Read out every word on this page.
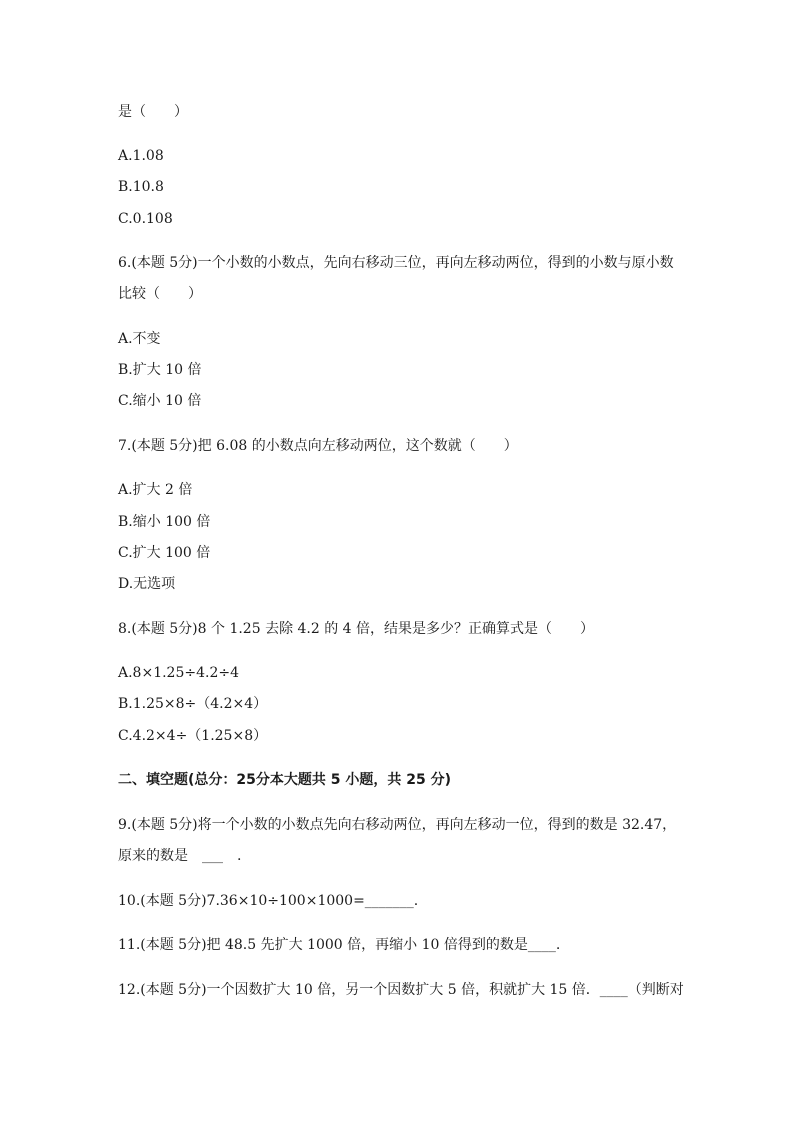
是（　　）
A.1.08
B.10.8
C.0.108
6.(本题 5分)一个小数的小数点，先向右移动三位，再向左移动两位，得到的小数与原小数
比较（　　）
A.不变
B.扩大 10 倍
C.缩小 10 倍
7.(本题 5分)把 6.08 的小数点向左移动两位，这个数就（　　）
A.扩大 2 倍
B.缩小 100 倍
C.扩大 100 倍
D.无选项
8.(本题 5分)8 个 1.25 去除 4.2 的 4 倍，结果是多少？正确算式是（　　）
A.8×1.25÷4.2÷4
B.1.25×8÷（4.2×4）
C.4.2×4÷（1.25×8）
二、填空题(总分：25分本大题共 5 小题，共 25 分)
9.(本题 5分)将一个小数的小数点先向右移动两位，再向左移动一位，得到的数是 32.47，
原来的数是　___　.
10.(本题 5分)7.36×10÷100×1000=_______.
11.(本题 5分)把 48.5 先扩大 1000 倍，再缩小 10 倍得到的数是____.
12.(本题 5分)一个因数扩大 10 倍，另一个因数扩大 5 倍，积就扩大 15 倍．____（判断对
